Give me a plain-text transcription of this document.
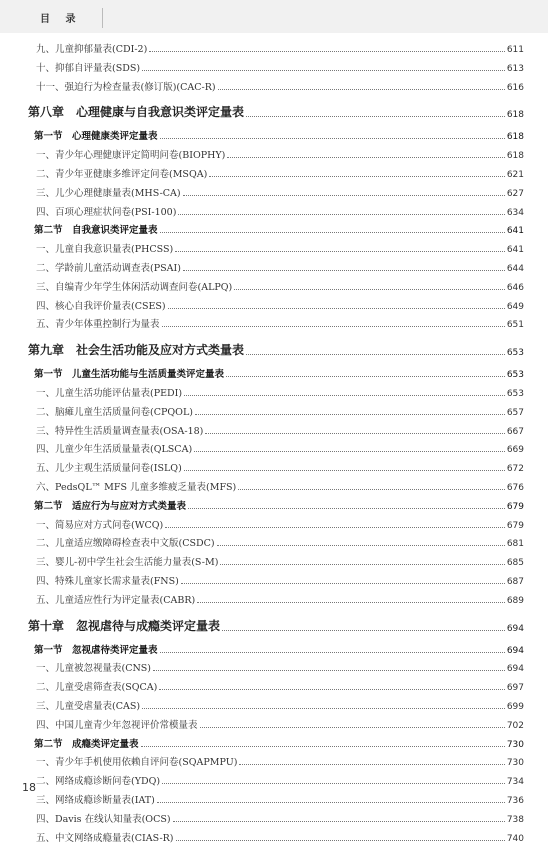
目 录
九、儿童抑郁量表(CDI-2)	611
十、抑郁自评量表(SDS)	613
十一、强迫行为检查量表(修订版)(CAC-R)	616
第八章　心理健康与自我意识类评定量表	618
第一节　心理健康类评定量表	618
一、青少年心理健康评定简明问卷(BIOPHY)	618
二、青少年亚健康多维评定问卷(MSQA)	621
三、儿少心理健康量表(MHS-CA)	627
四、百项心理症状问卷(PSI-100)	634
第二节　自我意识类评定量表	641
一、儿童自我意识量表(PHCSS)	641
二、学龄前儿童活动调查表(PSAI)	644
三、自编青少年学生体闲活动调查问卷(ALPQ)	646
四、核心自我评价量表(CSES)	649
五、青少年体重控制行为量表	651
第九章　社会生活功能及应对方式类量表	653
第一节　儿童生活功能与生活质量类评定量表	653
一、儿童生活功能评估量表(PEDI)	653
二、脑瘫儿童生活质量问卷(CPQOL)	657
三、特异性生活质量调查量表(OSA-18)	667
四、儿童少年生活质量量表(QLSCA)	669
五、儿少主观生活质量问卷(ISLQ)	672
六、PedsQL™ MFS 儿童多维疲乏量表(MFS)	676
第二节　适应行为与应对方式类量表	679
一、简易应对方式问卷(WCQ)	679
二、儿童适应缴障碍检查表中文版(CSDC)	681
三、婴儿-初中学生社会生活能力量表(S-M)	685
四、特殊儿童家长需求量表(FNS)	687
五、儿童适应性行为评定量表(CABR)	689
第十章　忽视虐待与成瘾类评定量表	694
第一节　忽视虐待类评定量表	694
一、儿童被忽视量表(CNS)	694
二、儿童受虐筛查表(SQCA)	697
三、儿童受虐量表(CAS)	699
四、中国儿童青少年忽视评价常模量表	702
第二节　成瘾类评定量表	730
一、青少年手机使用依赖自评问卷(SQAPMPU)	730
二、网络成瘾诊断问卷(YDQ)	734
三、网络成瘾诊断量表(IAT)	736
四、Davis 在线认知量表(OCS)	738
五、中文网络成瘾量表(CIAS-R)	740
18
